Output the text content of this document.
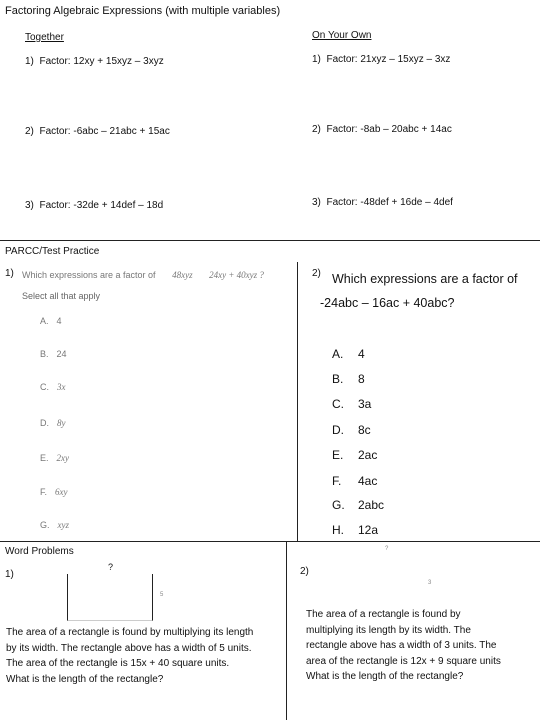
Factoring Algebraic Expressions (with multiple variables)
Together	On Your Own
1) Factor: 12xy + 15xyz – 3xyz
2) Factor: -6abc – 21abc + 15ac
3) Factor: -32de + 14def – 18d
1) Factor: 21xyz – 15xyz – 3xz
2) Factor: -8ab – 20abc + 14ac
3) Factor: -48def + 16de – 4def
PARCC/Test Practice
1) Which expressions are a factor of 48xyz 24xy + 40xyz ?
Select all that apply
A. 4
B. 24
C. 3x
D. 8y
E. 2xy
F. 6xy
G. xyz
2) Which expressions are a factor of
-24abc – 16ac + 40abc?
A. 4
B. 8
C. 3a
D. 8c
E. 2ac
F. 4ac
G. 2abc
H. 12a
Word Problems
1)
?
5
The area of a rectangle is found by multiplying its length
by its width. The rectangle above has a width of 5 units.
The area of the rectangle is 15x + 40 square units.
What is the length of the rectangle?
2)
?
3
The area of a rectangle is found by
multiplying its length by its width. The
rectangle above has a width of 3 units. The
area of the rectangle is 12x + 9 square units
What is the length of the rectangle?
